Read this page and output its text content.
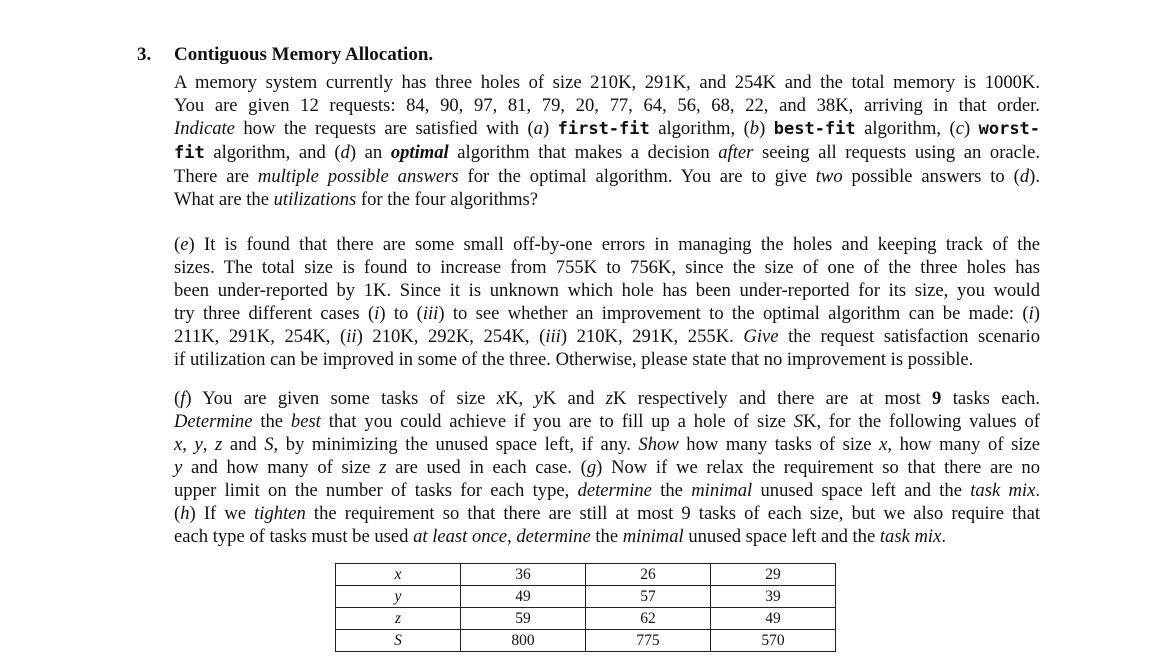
3. Contiguous Memory Allocation.
A memory system currently has three holes of size 210K, 291K, and 254K and the total memory is 1000K.
You are given 12 requests: 84, 90, 97, 81, 79, 20, 77, 64, 56, 68, 22, and 38K, arriving in that order.
Indicate how the requests are satisfied with (a) first-fit algorithm, (b) best-fit algorithm, (c) worst-
fit algorithm, and (d) an optimal algorithm that makes a decision after seeing all requests using an oracle.
There are multiple possible answers for the optimal algorithm. You are to give two possible answers to (d).
What are the utilizations for the four algorithms?
(e) It is found that there are some small off-by-one errors in managing the holes and keeping track of the
sizes. The total size is found to increase from 755K to 756K, since the size of one of the three holes has
been under-reported by 1K. Since it is unknown which hole has been under-reported for its size, you would
try three different cases (i) to (iii) to see whether an improvement to the optimal algorithm can be made: (i)
211K, 291K, 254K, (ii) 210K, 292K, 254K, (iii) 210K, 291K, 255K. Give the request satisfaction scenario
if utilization can be improved in some of the three. Otherwise, please state that no improvement is possible.
(f) You are given some tasks of size xK, yK and zK respectively and there are at most 9 tasks each.
Determine the best that you could achieve if you are to fill up a hole of size SK, for the following values of
x, y, z and S, by minimizing the unused space left, if any. Show how many tasks of size x, how many of size
y and how many of size z are used in each case. (g) Now if we relax the requirement so that there are no
upper limit on the number of tasks for each type, determine the minimal unused space left and the task mix.
(h) If we tighten the requirement so that there are still at most 9 tasks of each size, but we also require that
each type of tasks must be used at least once, determine the minimal unused space left and the task mix.
x	36	26	29
y	49	57	39
z	59	62	49
S	800	775	570
